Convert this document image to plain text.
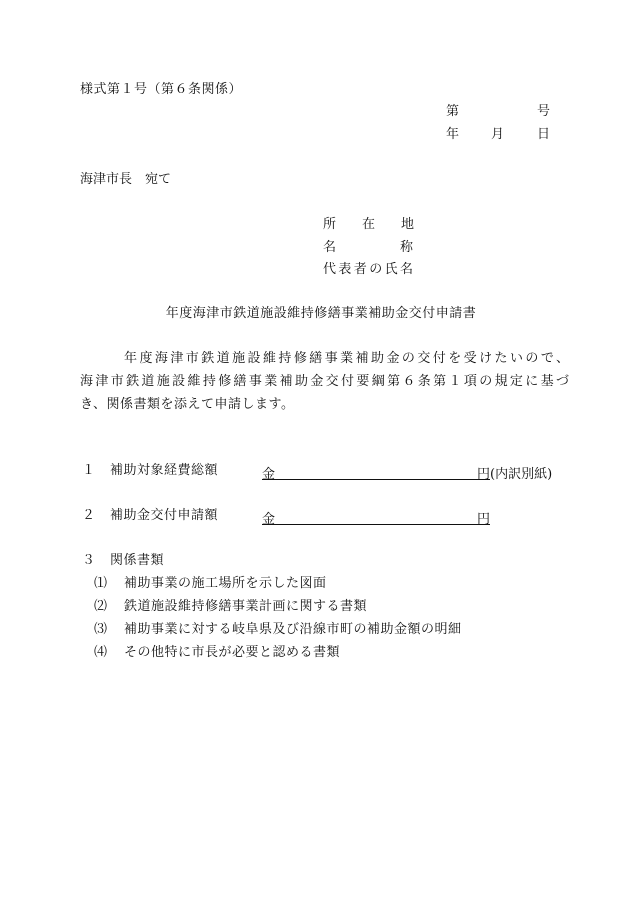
様式第１号（第６条関係）
第	号
年 月	日
海津市長　宛て
所　　在　　地
名　　　　称
代表者の氏名
年度海津市鉄道施設維持修繕事業補助金交付申請書
年度海津市鉄道施設維持修繕事業補助金の交付を受けたいので、
海津市鉄道施設維持修繕事業補助金交付要綱第６条第１項の規定に基づ
き、関係書類を添えて申請します。
１ 補助対象経費総額	金	円 (内訳別紙)
２ 補助金交付申請額	金	円
３ 関係書類
⑴ 補助事業の施工場所を示した図面
⑵ 鉄道施設維持修繕事業計画に関する書類
⑶ 補助事業に対する岐阜県及び沿線市町の補助金額の明細
⑷ その他特に市長が必要と認める書類
